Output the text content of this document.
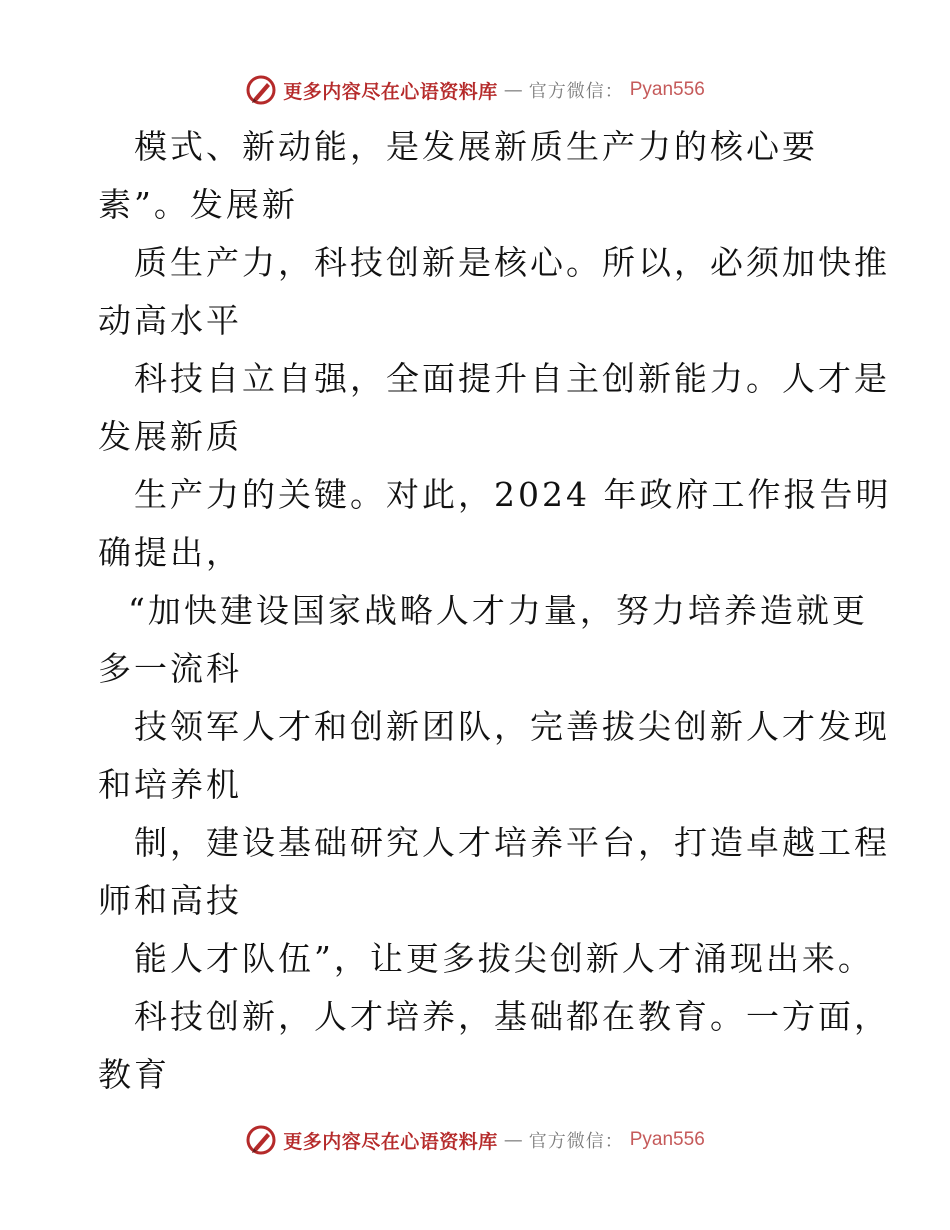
更多内容尽在心语资料库 — 官方微信： Pyan556
模式、新动能，是发展新质生产力的核心要
素”。发展新
质生产力，科技创新是核心。所以，必须加快推
动高水平
科技自立自强，全面提升自主创新能力。人才是
发展新质
生产力的关键。对此，2024 年政府工作报告明
确提出，
“加快建设国家战略人才力量，努力培养造就更
多一流科
技领军人才和创新团队，完善拔尖创新人才发现
和培养机
制，建设基础研究人才培养平台，打造卓越工程
师和高技
能人才队伍”，让更多拔尖创新人才涌现出来。
科技创新，人才培养，基础都在教育。一方面，
教育
更多内容尽在心语资料库 — 官方微信： Pyan556
